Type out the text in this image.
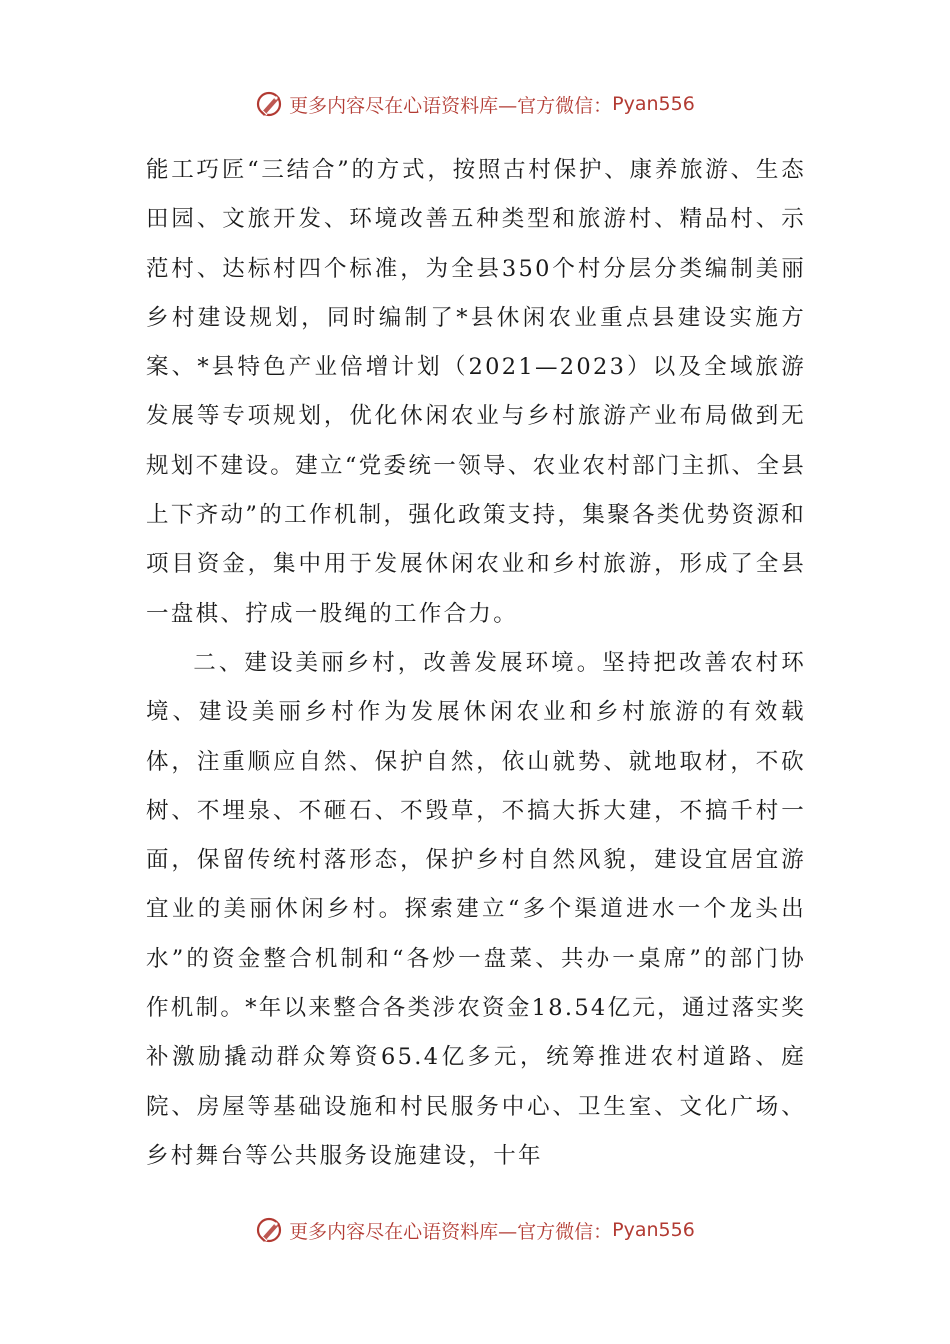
更多内容尽在心语资料库—官方微信： Pyan556

能工巧匠“三结合”的方式，按照古村保护、康养旅游、生态田园、文旅开发、环境改善五种类型和旅游村、精品村、示范村、达标村四个标准，为全县350个村分层分类编制美丽乡村建设规划，同时编制了*县休闲农业重点县建设实施方案、*县特色产业倍增计划（2021—2023）以及全域旅游发展等专项规划，优化休闲农业与乡村旅游产业布局做到无规划不建设。建立“党委统一领导、农业农村部门主抓、全县上下齐动”的工作机制，强化政策支持，集聚各类优势资源和项目资金，集中用于发展休闲农业和乡村旅游，形成了全县一盘棋、拧成一股绳的工作合力。

二、建设美丽乡村，改善发展环境。坚持把改善农村环境、建设美丽乡村作为发展休闲农业和乡村旅游的有效载体，注重顺应自然、保护自然，依山就势、就地取材，不砍树、不埋泉、不砸石、不毁草，不搞大拆大建，不搞千村一面，保留传统村落形态，保护乡村自然风貌，建设宜居宜游宜业的美丽休闲乡村。探索建立“多个渠道进水一个龙头出水”的资金整合机制和“各炒一盘菜、共办一桌席”的部门协作机制。*年以来整合各类涉农资金18.54亿元，通过落实奖补激励撬动群众筹资65.4亿多元，统筹推进农村道路、庭院、房屋等基础设施和村民服务中心、卫生室、文化广场、乡村舞台等公共服务设施建设，十年

更多内容尽在心语资料库—官方微信： Pyan556
